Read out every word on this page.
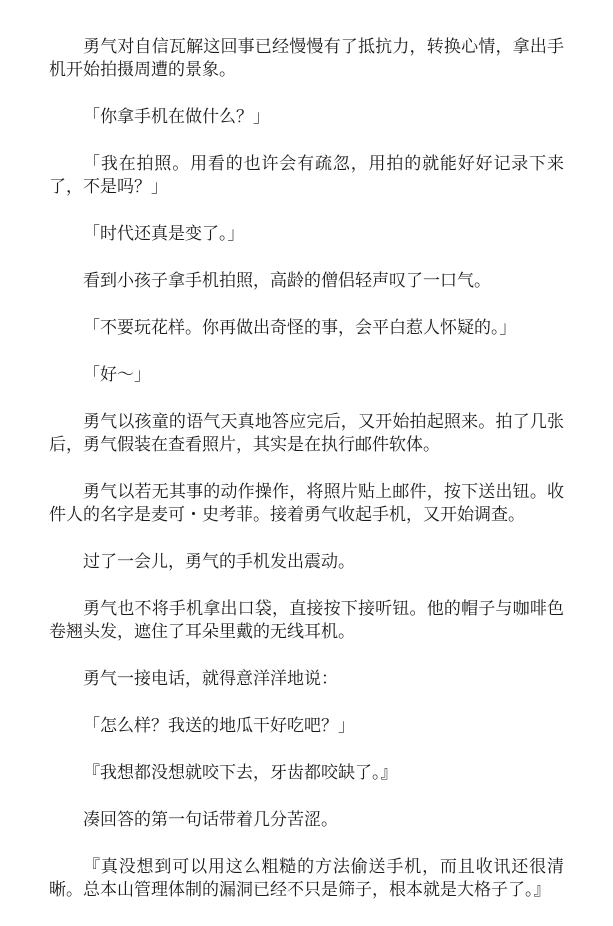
勇气对自信瓦解这回事已经慢慢有了抵抗力，转换心情，拿出手机开始拍摄周遭的景象。

「你拿手机在做什么？」

「我在拍照。用看的也许会有疏忽，用拍的就能好好记录下来了，不是吗？」

「时代还真是变了。」

看到小孩子拿手机拍照，高龄的僧侣轻声叹了一口气。

「不要玩花样。你再做出奇怪的事，会平白惹人怀疑的。」

「好～」

勇气以孩童的语气天真地答应完后，又开始拍起照来。拍了几张后，勇气假装在查看照片，其实是在执行邮件软体。

勇气以若无其事的动作操作，将照片贴上邮件，按下送出钮。收件人的名字是麦可・史考菲。接着勇气收起手机，又开始调查。

过了一会儿，勇气的手机发出震动。

勇气也不将手机拿出口袋，直接按下接听钮。他的帽子与咖啡色卷翘头发，遮住了耳朵里戴的无线耳机。

勇气一接电话，就得意洋洋地说：

「怎么样？我送的地瓜干好吃吧？」

『我想都没想就咬下去，牙齿都咬缺了。』

凑回答的第一句话带着几分苦涩。

『真没想到可以用这么粗糙的方法偷送手机，而且收讯还很清晰。总本山管理体制的漏洞已经不只是筛子，根本就是大格子了。』
